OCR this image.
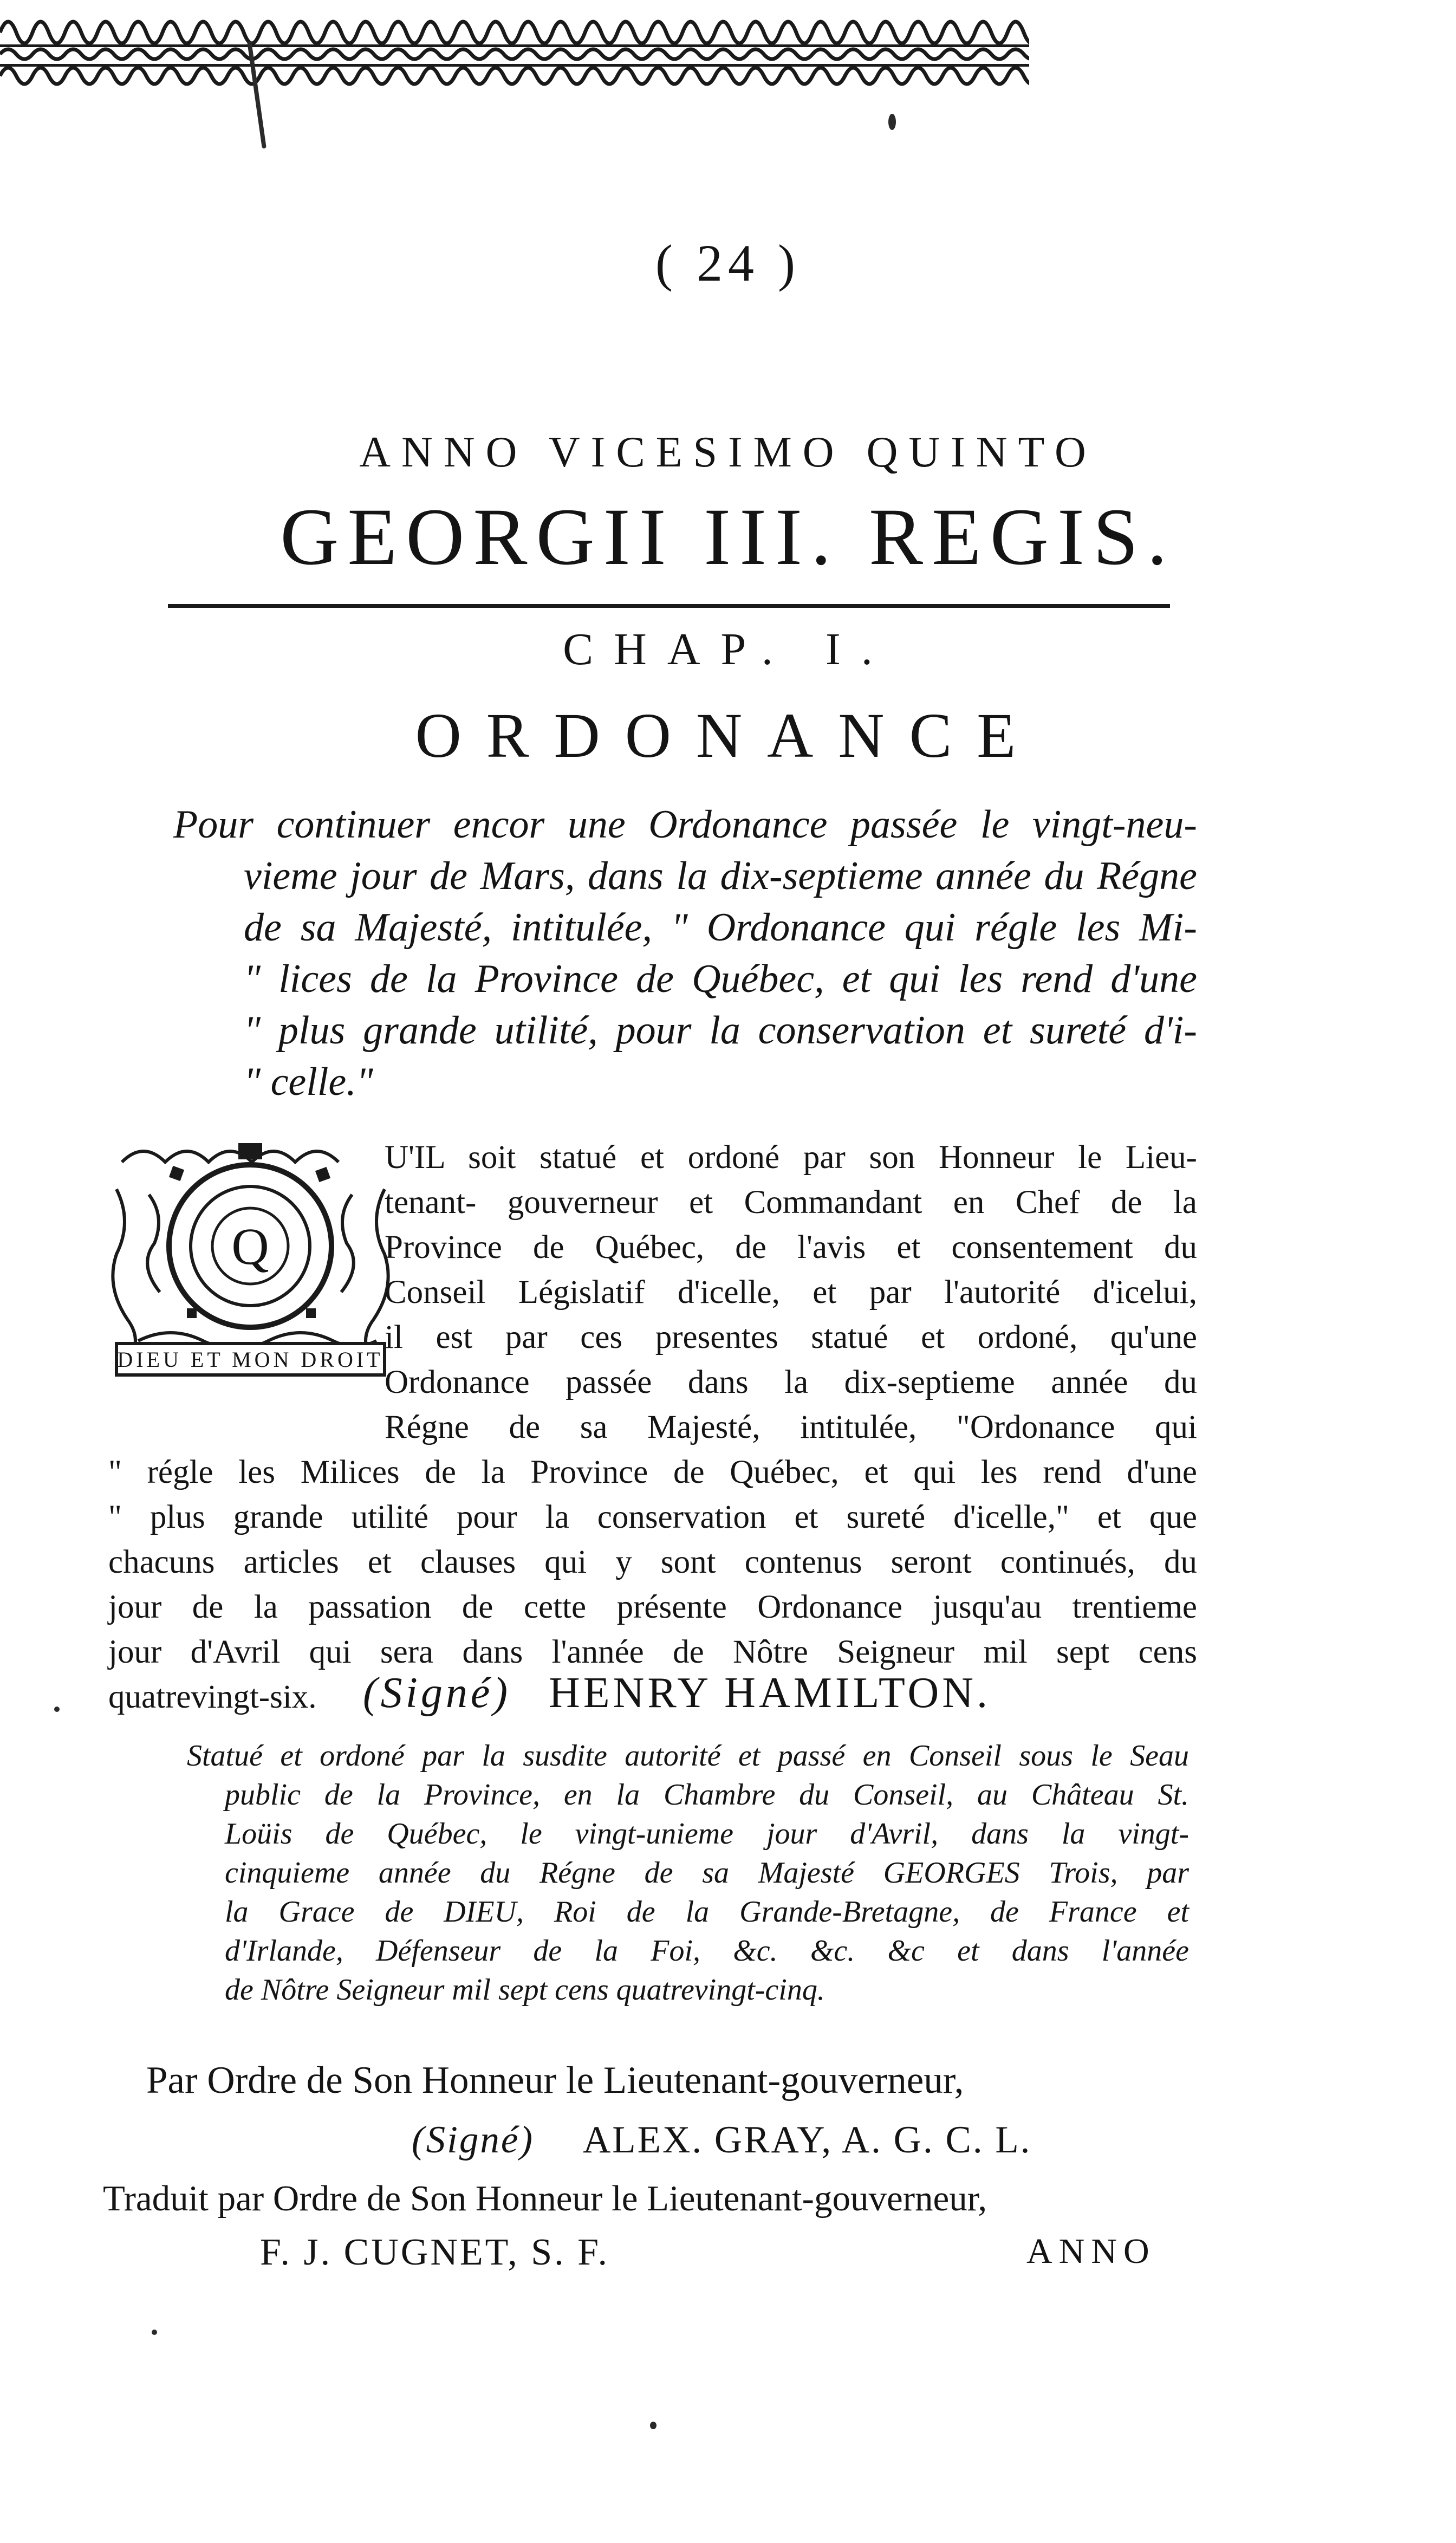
( 24 )
ANNO VICESIMO QUINTO
GEORGII III. REGIS.
CHAP. I.
ORDONANCE
Pour continuer encor une Ordonance passée le vingt-neu-
vieme jour de Mars, dans la dix-septieme année du Régne
de sa Majesté, intitulée, " Ordonance qui régle les Mi-
" lices de la Province de Québec, et qui les rend d'une
" plus grande utilité, pour la conservation et sureté d'i-
" celle."
Q
DIEU ET MON DROIT
U'IL soit statué et ordoné par son Honneur le Lieu-
tenant- gouverneur et Commandant en Chef de la
Province de Québec, de l'avis et consentement du
Conseil Législatif d'icelle, et par l'autorité d'icelui,
il est par ces presentes statué et ordoné, qu'une
Ordonance passée dans la dix-septieme année du
Régne de sa Majesté, intitulée, "Ordonance qui
" régle les Milices de la Province de Québec, et qui les rend d'une
" plus grande utilité pour la conservation et sureté d'icelle," et que
chacuns articles et clauses qui y sont contenus seront continués, du
jour de la passation de cette présente Ordonance jusqu'au trentieme
jour d'Avril qui sera dans l'année de Nôtre Seigneur mil sept cens
quatrevingt-six.	(Signé) HENRY HAMILTON.
Statué et ordoné par la susdite autorité et passé en Conseil sous le Seau
public de la Province, en la Chambre du Conseil, au Château St.
Loüis de Québec, le vingt-unieme jour d'Avril, dans la vingt-
cinquieme année du Régne de sa Majesté GEORGES Trois, par
la Grace de DIEU, Roi de la Grande-Bretagne, de France et
d'Irlande, Défenseur de la Foi, &c. &c. &c et dans l'année
de Nôtre Seigneur mil sept cens quatrevingt-cinq.
Par Ordre de Son Honneur le Lieutenant-gouverneur,
(Signé) ALEX. GRAY, A. G. C. L.
Traduit par Ordre de Son Honneur le Lieutenant-gouverneur,
F. J. CUGNET, S. F.	ANNO
